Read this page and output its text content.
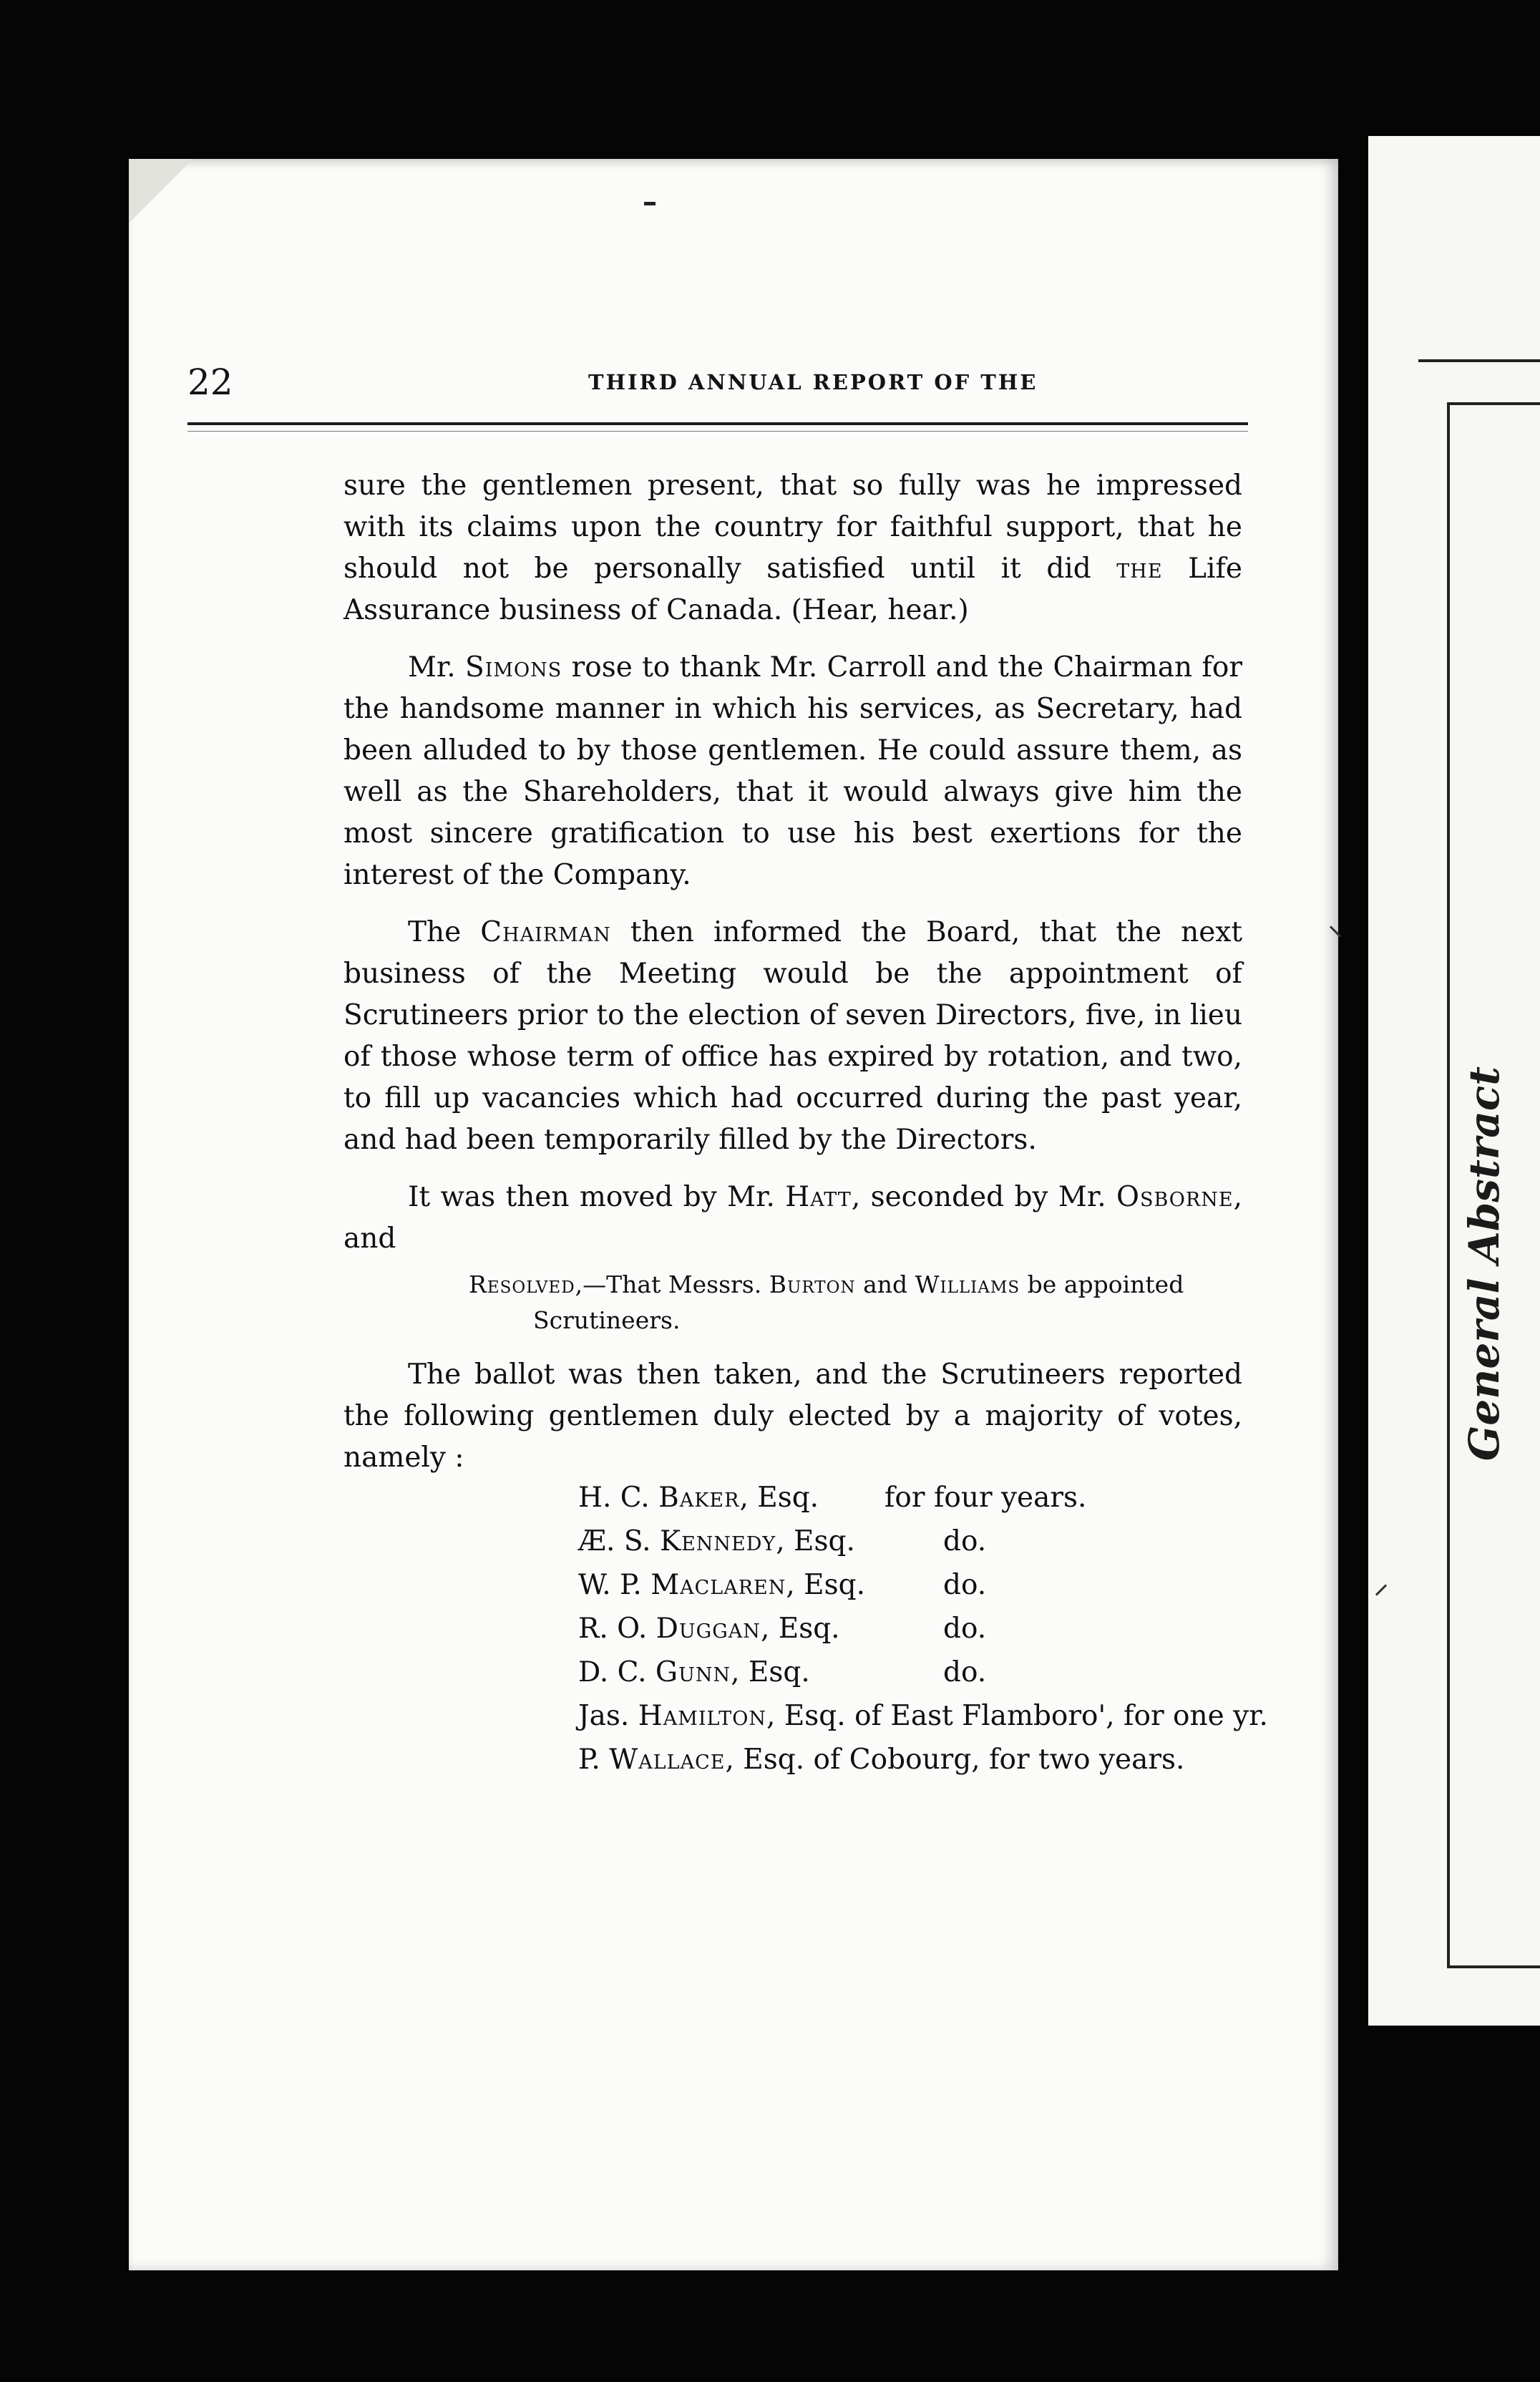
General Abstract
22	THIRD ANNUAL REPORT OF THE

sure the gentlemen present, that so fully was he impressed with its claims upon the country for faithful support, that he should not be personally satisfied until it did the Life Assurance business of Canada. (Hear, hear.)

Mr. Simons rose to thank Mr. Carroll and the Chairman for the handsome manner in which his services, as Secretary, had been alluded to by those gentlemen. He could assure them, as well as the Shareholders, that it would always give him the most sincere gratification to use his best exertions for the interest of the Company.

The Chairman then informed the Board, that the next business of the Meeting would be the appointment of Scrutineers prior to the election of seven Directors, five, in lieu of those whose term of office has expired by rotation, and two, to fill up vacancies which had occurred during the past year, and had been temporarily filled by the Directors.

It was then moved by Mr. Hatt, seconded by Mr. Osborne, and

Resolved,—That Messrs. Burton and Williams be appointed
Scrutineers.

The ballot was then taken, and the Scrutineers reported the following gentlemen duly elected by a majority of votes, namely :

H. C. Baker, Esq. for four years.
Æ. S. Kennedy, Esq.	do.
W. P. Maclaren, Esq.	do.
R. O. Duggan, Esq.	do.
D. C. Gunn, Esq.	do.
Jas. Hamilton, Esq. of East Flamboro', for one yr.
P. Wallace, Esq. of Cobourg, for two years.
